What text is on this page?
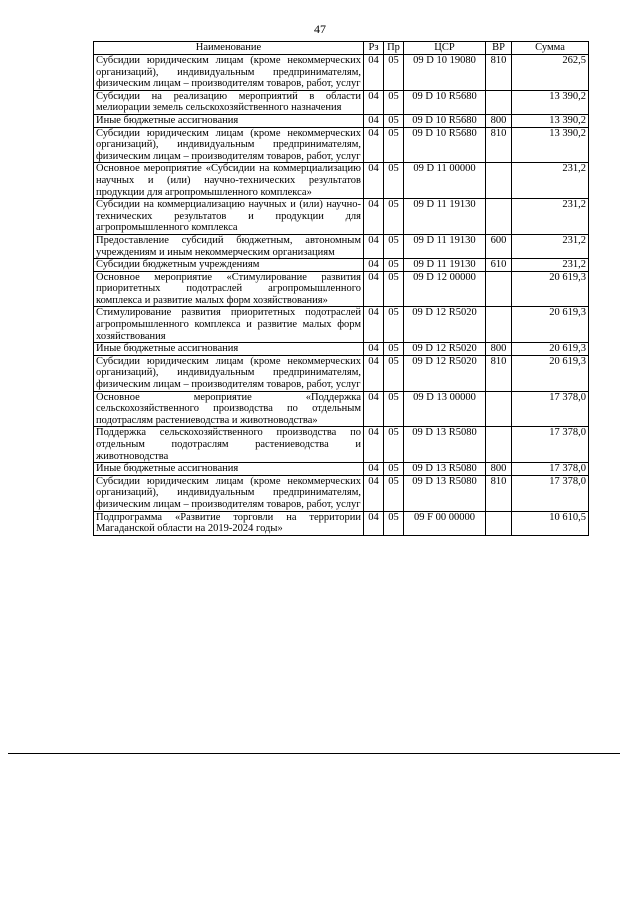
47
Наименование	Рз	Пр	ЦСР	ВР	Сумма
Субсидии юридическим лицам (кроме некоммерческих организаций), индивидуальным предпринимателям, физическим лицам – производителям товаров, работ, услуг	04	05	09 D 10 19080	810	262,5
Субсидии на реализацию мероприятий в области мелиорации земель сельскохозяйственного назначения	04	05	09 D 10 R5680		13 390,2
Иные бюджетные ассигнования	04	05	09 D 10 R5680	800	13 390,2
Субсидии юридическим лицам (кроме некоммерческих организаций), индивидуальным предпринимателям, физическим лицам – производителям товаров, работ, услуг	04	05	09 D 10 R5680	810	13 390,2
Основное мероприятие «Субсидии на коммерциализацию научных и (или) научно-технических результатов продукции для агропромышленного комплекса»	04	05	09 D 11 00000		231,2
Субсидии на коммерциализацию научных и (или) научно-технических результатов и продукции для агропромышленного комплекса	04	05	09 D 11 19130		231,2
Предоставление субсидий бюджетным, автономным учреждениям и иным некоммерческим организациям	04	05	09 D 11 19130	600	231,2
Субсидии бюджетным учреждениям	04	05	09 D 11 19130	610	231,2
Основное мероприятие «Стимулирование развития приоритетных подотраслей агропромышленного комплекса и развитие малых форм хозяйствования»	04	05	09 D 12 00000		20 619,3
Стимулирование развития приоритетных подотраслей агропромышленного комплекса и развитие малых форм хозяйствования	04	05	09 D 12 R5020		20 619,3
Иные бюджетные ассигнования	04	05	09 D 12 R5020	800	20 619,3
Субсидии юридическим лицам (кроме некоммерческих организаций), индивидуальным предпринимателям, физическим лицам – производителям товаров, работ, услуг	04	05	09 D 12 R5020	810	20 619,3
Основное мероприятие «Поддержка сельскохозяйственного производства по отдельным подотраслям растениеводства и животноводства»	04	05	09 D 13 00000		17 378,0
Поддержка сельскохозяйственного производства по отдельным подотраслям растениеводства и животноводства	04	05	09 D 13 R5080		17 378,0
Иные бюджетные ассигнования	04	05	09 D 13 R5080	800	17 378,0
Субсидии юридическим лицам (кроме некоммерческих организаций), индивидуальным предпринимателям, физическим лицам – производителям товаров, работ, услуг	04	05	09 D 13 R5080	810	17 378,0
Подпрограмма «Развитие торговли на территории Магаданской области на 2019-2024 годы»	04	05	09 F 00 00000		10 610,5
